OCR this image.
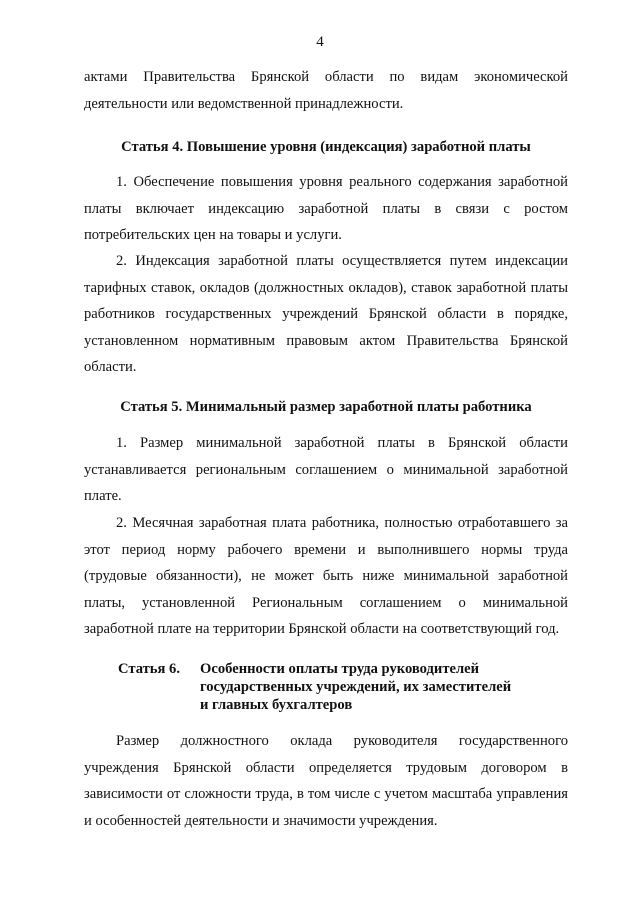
4

актами Правительства Брянской области по видам экономической деятельности или ведомственной принадлежности.

Статья 4. Повышение уровня (индексация) заработной платы

1. Обеспечение повышения уровня реального содержания заработной платы включает индексацию заработной платы в связи с ростом потребительских цен на товары и услуги.

2. Индексация заработной платы осуществляется путем индексации тарифных ставок, окладов (должностных окладов), ставок заработной платы работников государственных учреждений Брянской области в порядке, установленном нормативным правовым актом Правительства Брянской области.

Статья 5. Минимальный размер заработной платы работника

1. Размер минимальной заработной платы в Брянской области устанавливается региональным соглашением о минимальной заработной плате.

2. Месячная заработная плата работника, полностью отработавшего за этот период норму рабочего времени и выполнившего нормы труда (трудовые обязанности), не может быть ниже минимальной заработной платы, установленной Региональным соглашением о минимальной заработной плате на территории Брянской области на соответствующий год.

Статья 6. Особенности оплаты труда руководителей
государственных учреждений, их заместителей
и главных бухгалтеров

Размер должностного оклада руководителя государственного учреждения Брянской области определяется трудовым договором в зависимости от сложности труда, в том числе с учетом масштаба управления и особенностей деятельности и значимости учреждения.
